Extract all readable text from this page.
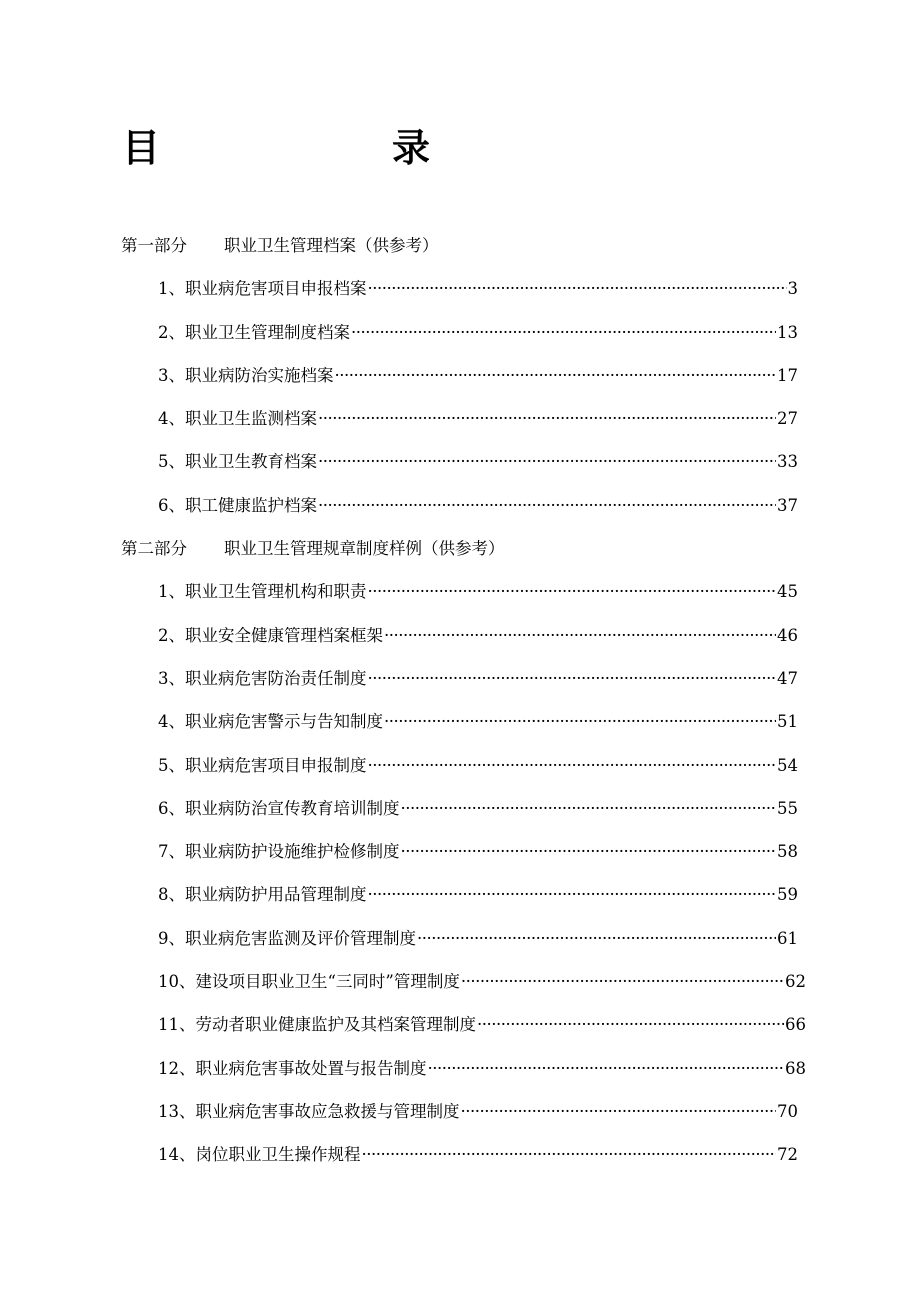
目　　录
第一部分 职业卫生管理档案（供参考）
1、职业病危害项目申报档案 ·····	3
2、职业卫生管理制度档案 ·····	13
3、职业病防治实施档案 ·····	17
4、职业卫生监测档案 ·····	27
5、职业卫生教育档案 ·····	33
6、职工健康监护档案 ·····	37
第二部分 职业卫生管理规章制度样例（供参考）
1、职业卫生管理机构和职责 ·····	45
2、职业安全健康管理档案框架 ·····	46
3、职业病危害防治责任制度 ·····	47
4、职业病危害警示与告知制度 ·····	51
5、职业病危害项目申报制度 ·····	54
6、职业病防治宣传教育培训制度 ·····	55
7、职业病防护设施维护检修制度 ·····	58
8、职业病防护用品管理制度 ·····	59
9、职业病危害监测及评价管理制度 ·····	61
10、建设项目职业卫生“三同时”管理制度 ·····	62
11、劳动者职业健康监护及其档案管理制度 ·····	66
12、职业病危害事故处置与报告制度 ·····	68
13、职业病危害事故应急救援与管理制度 ·····	70
14、岗位职业卫生操作规程 ·····	72
